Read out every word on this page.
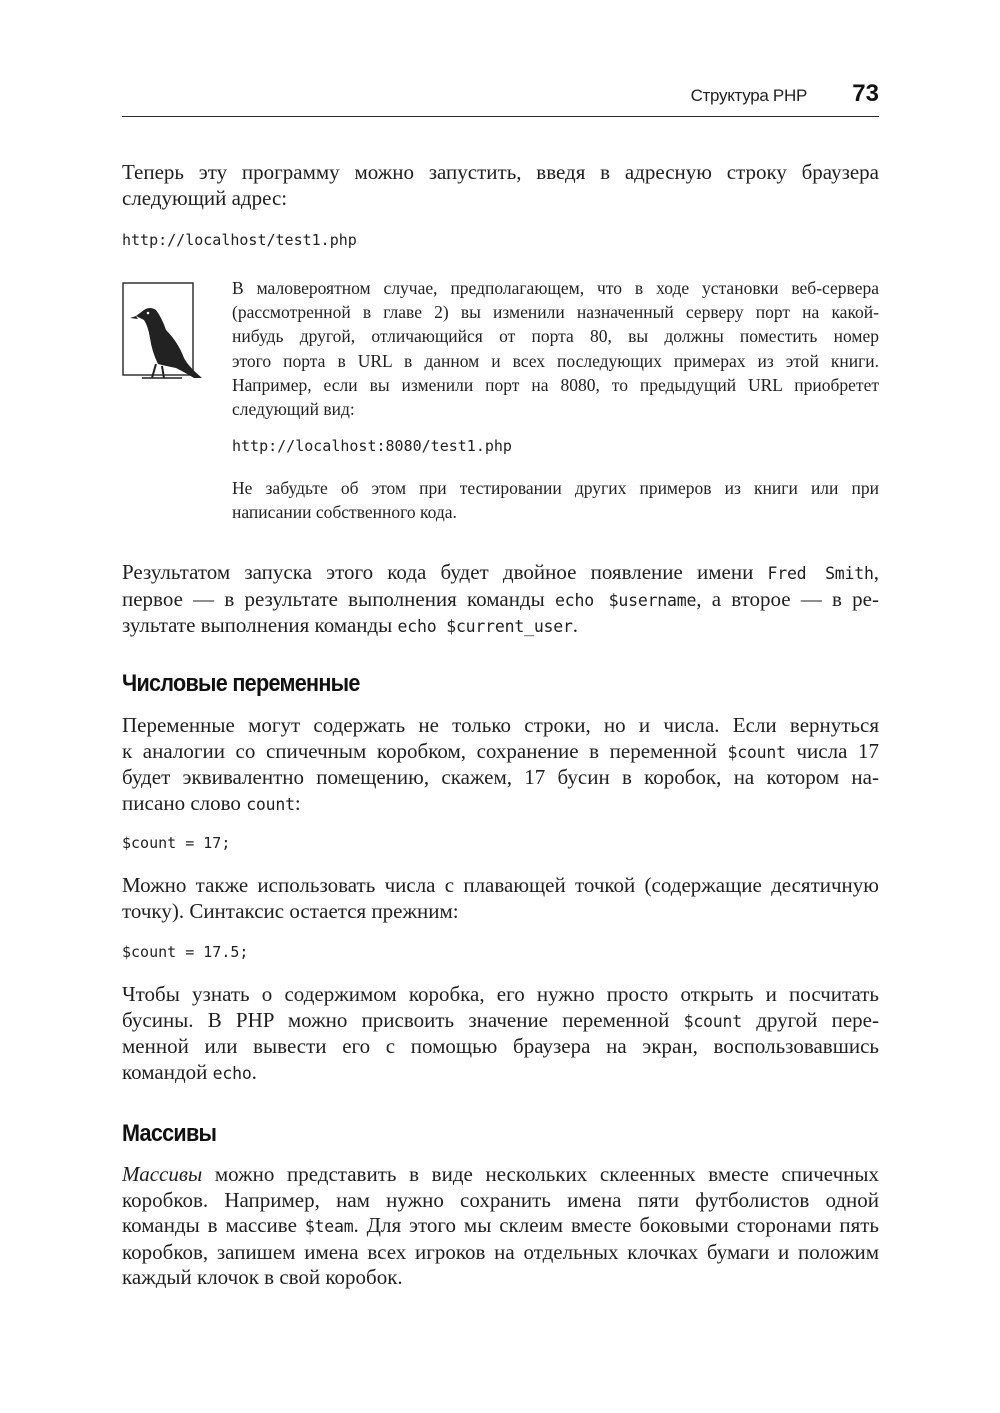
Структура PHP 73

Теперь эту программу можно запустить, введя в адресную строку браузера
следующий адрес:

http://localhost/test1.php
В маловероятном случае, предполагающем, что в ходе установки веб-сервера
(рассмотренной в главе 2) вы изменили назначенный серверу порт на какой-
нибудь другой, отличающийся от порта 80, вы должны поместить номер
этого порта в URL в данном и всех последующих примерах из этой книги.
Например, если вы изменили порт на 8080, то предыдущий URL приобретет
следующий вид:
http://localhost:8080/test1.php
Не забудьте об этом при тестировании других примеров из книги или при
написании собственного кода.

Результатом запуска этого кода будет двойное появление имени Fred Smith,
первое — в результате выполнения команды echo $username, а второе — в ре-
зультате выполнения команды echo $current_user.

Числовые переменные

Переменные могут содержать не только строки, но и числа. Если вернуться
к аналогии со спичечным коробком, сохранение в переменной $count числа 17
будет эквивалентно помещению, скажем, 17 бусин в коробок, на котором на-
писано слово count:

$count = 17;

Можно также использовать числа с плавающей точкой (содержащие десятичную
точку). Синтаксис остается прежним:

$count = 17.5;

Чтобы узнать о содержимом коробка, его нужно просто открыть и посчитать
бусины. В PHP можно присвоить значение переменной $count другой пере-
менной или вывести его с помощью браузера на экран, воспользовавшись
командой echo.

Массивы

Массивы можно представить в виде нескольких склеенных вместе спичечных
коробков. Например, нам нужно сохранить имена пяти футболистов одной
команды в массиве $team. Для этого мы склеим вместе боковыми сторонами пять
коробков, запишем имена всех игроков на отдельных клочках бумаги и положим
каждый клочок в свой коробок.
